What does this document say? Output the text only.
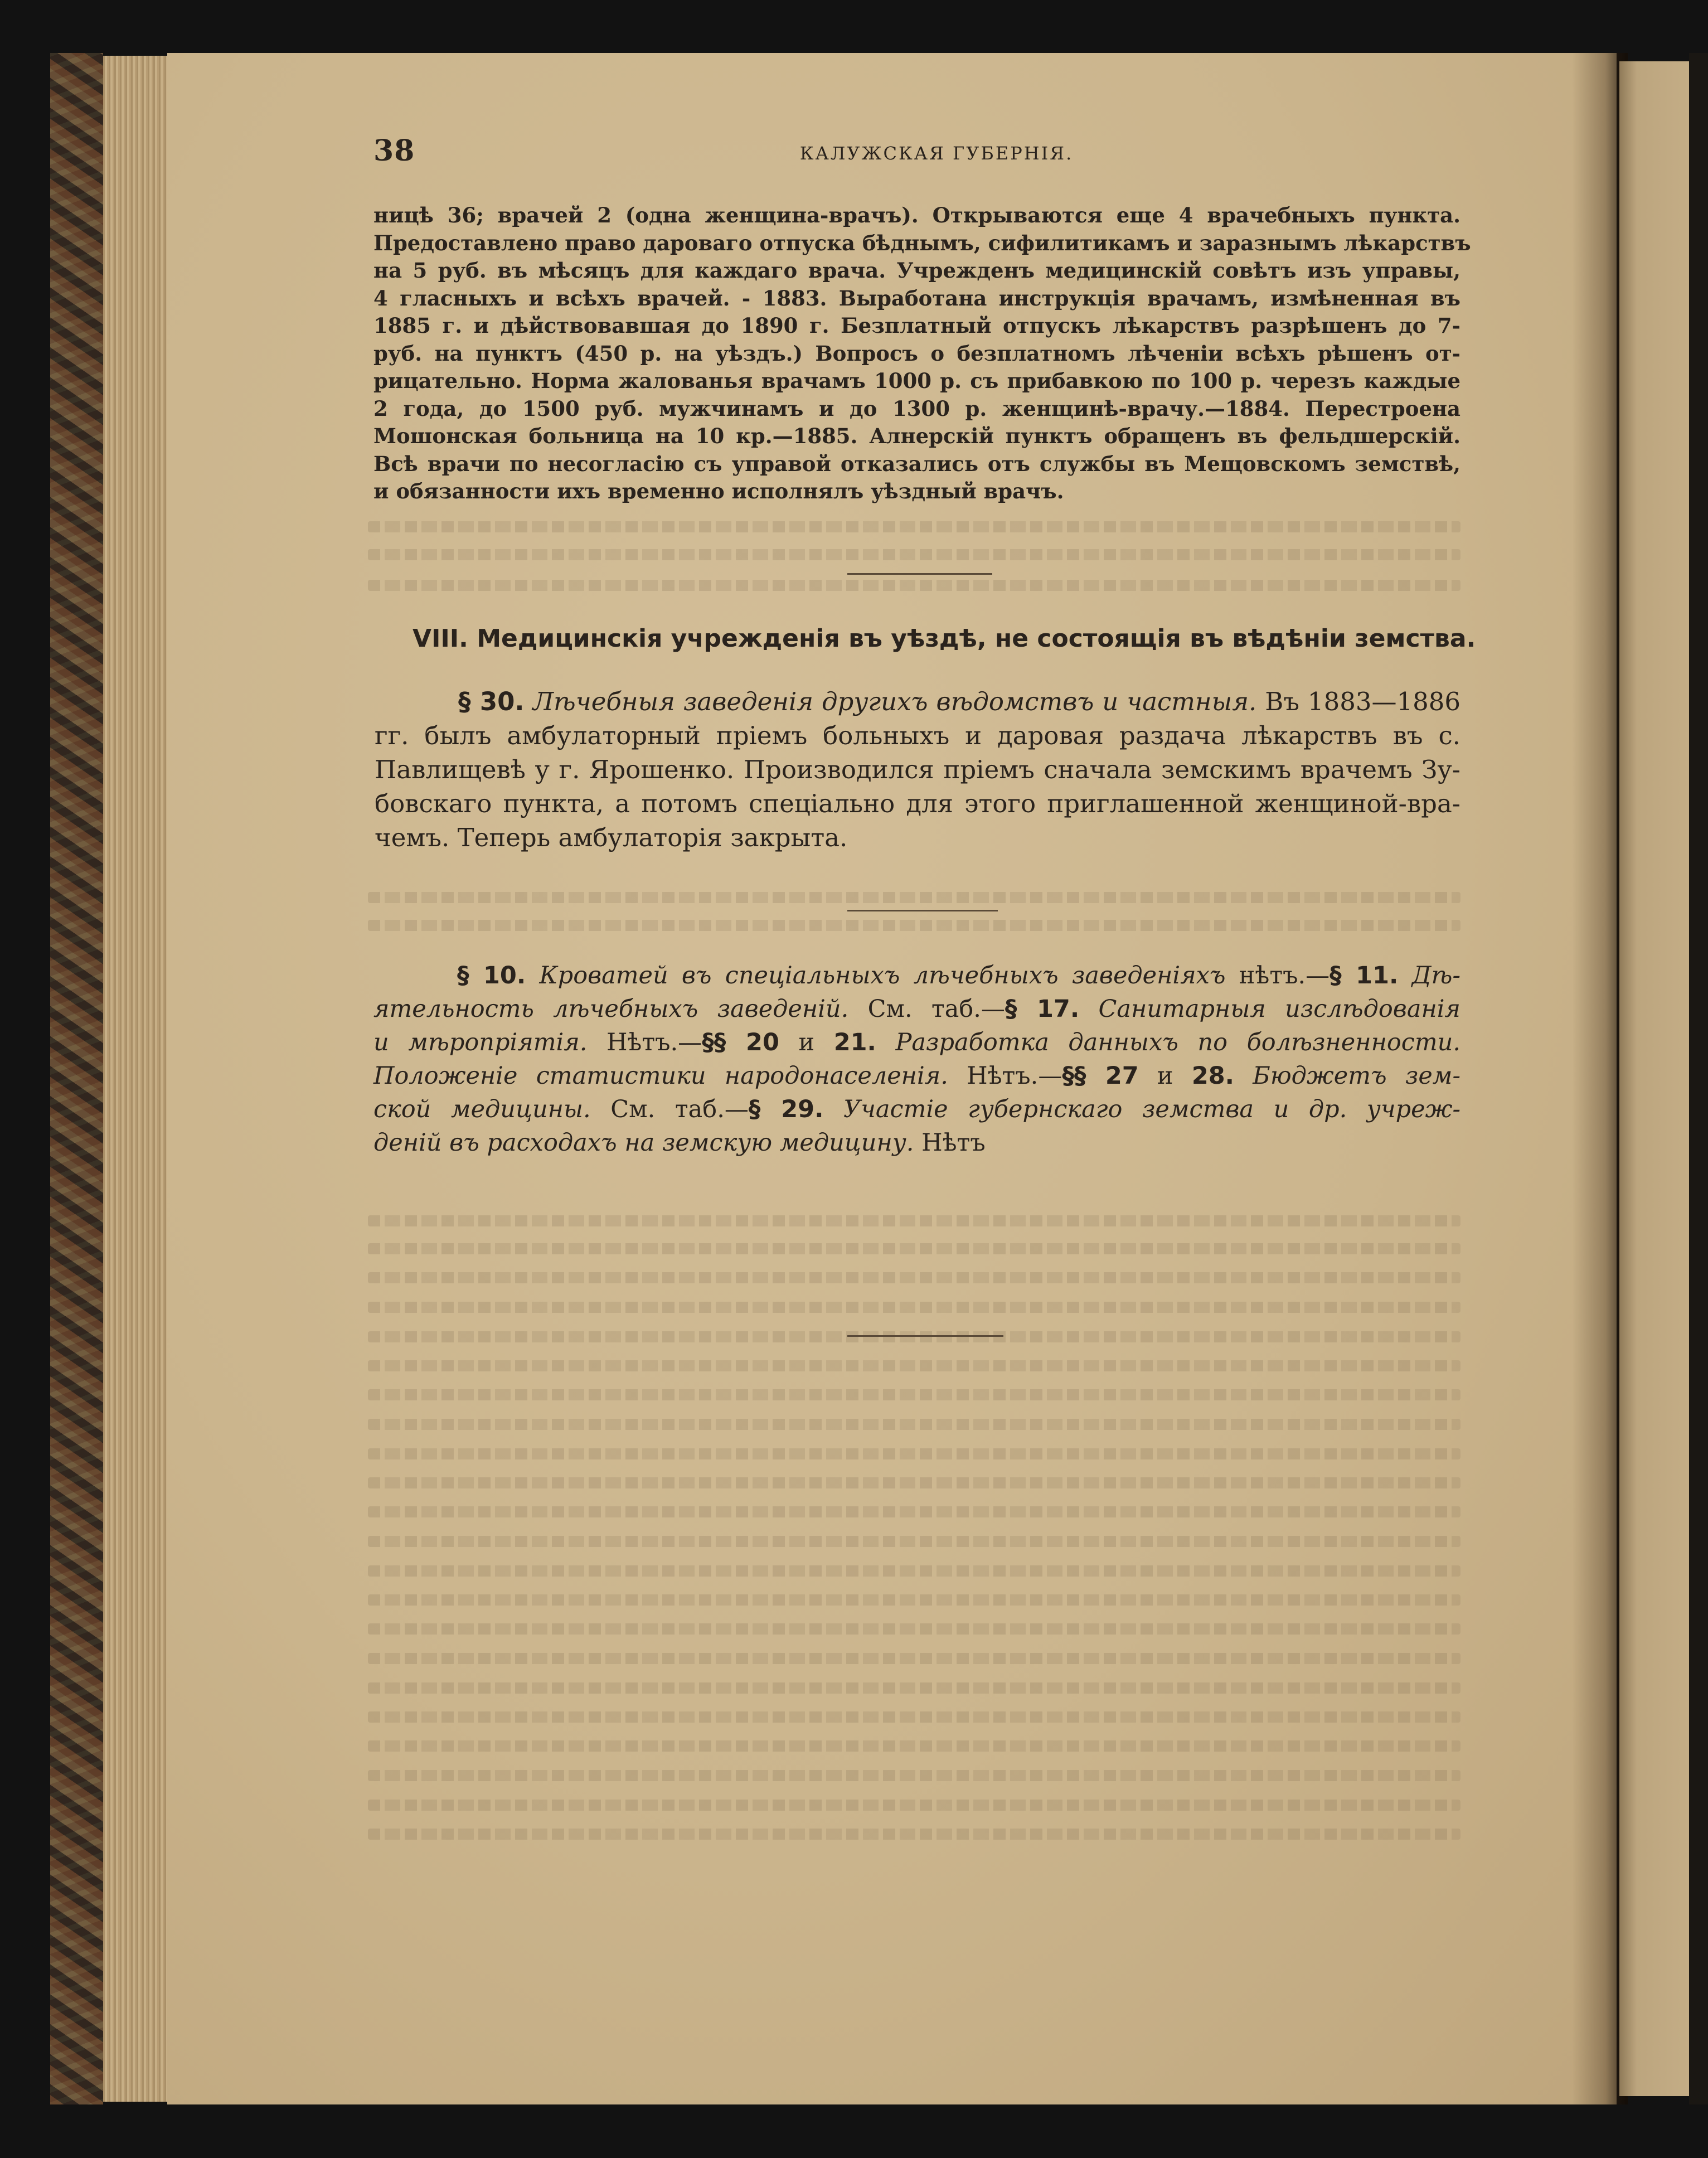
38	КАЛУЖСКАЯ ГУБЕРНІЯ.
ницѣ 36; врачей 2 (одна женщина-врачъ). Открываются еще 4 врачебныхъ пункта.
Предоставлено право дароваго отпуска бѣднымъ, сифилитикамъ и заразнымъ лѣкарствъ
на 5 руб. въ мѣсяцъ для каждаго врача. Учрежденъ медицинскій совѣтъ изъ управы,
4 гласныхъ и всѣхъ врачей. - 1883. Выработана инструкція врачамъ, измѣненная въ
1885 г. и дѣйствовавшая до 1890 г. Безплатный отпускъ лѣкарствъ разрѣшенъ до 7-
руб. на пунктъ (450 р. на уѣздъ.) Вопросъ о безплатномъ лѣченіи всѣхъ рѣшенъ от-
рицательно. Норма жалованья врачамъ 1000 р. съ прибавкою по 100 р. черезъ каждые
2 года, до 1500 руб. мужчинамъ и до 1300 р. женщинѣ-врачу.—1884. Перестроена
Мошонская больница на 10 кр.—1885. Алнерскій пунктъ обращенъ въ фельдшерскій.
Всѣ врачи по несогласію съ управой отказались отъ службы въ Мещовскомъ земствѣ,
и обязанности ихъ временно исполнялъ уѣздный врачъ.
VIII. Медицинскія учрежденія въ уѣздѣ, не состоящія въ вѣдѣніи земства.
§ 30. Лѣчебныя заведенія другихъ вѣдомствъ и частныя. Въ 1883—1886
гг. былъ амбулаторный пріемъ больныхъ и даровая раздача лѣкарствъ въ с.
Павлищевѣ у г. Ярошенко. Производился пріемъ сначала земскимъ врачемъ Зу-
бовскаго пункта, а потомъ спеціально для этого приглашенной женщиной-вра-
чемъ. Теперь амбулаторія закрыта.
§ 10. Кроватей въ спеціальныхъ лѣчебныхъ заведеніяхъ нѣтъ.—§ 11. Дѣ-
ятельность лѣчебныхъ заведеній. См. таб.—§ 17. Санитарныя изслѣдованія
и мѣропріятія. Нѣтъ.—§§ 20 и 21. Разработка данныхъ по болѣзненности.
Положеніе статистики народонаселенія. Нѣтъ.—§§ 27 и 28. Бюджетъ зем-
ской медицины. См. таб.—§ 29. Участіе губернскаго земства и др. учреж-
деній въ расходахъ на земскую медицину. Нѣтъ
